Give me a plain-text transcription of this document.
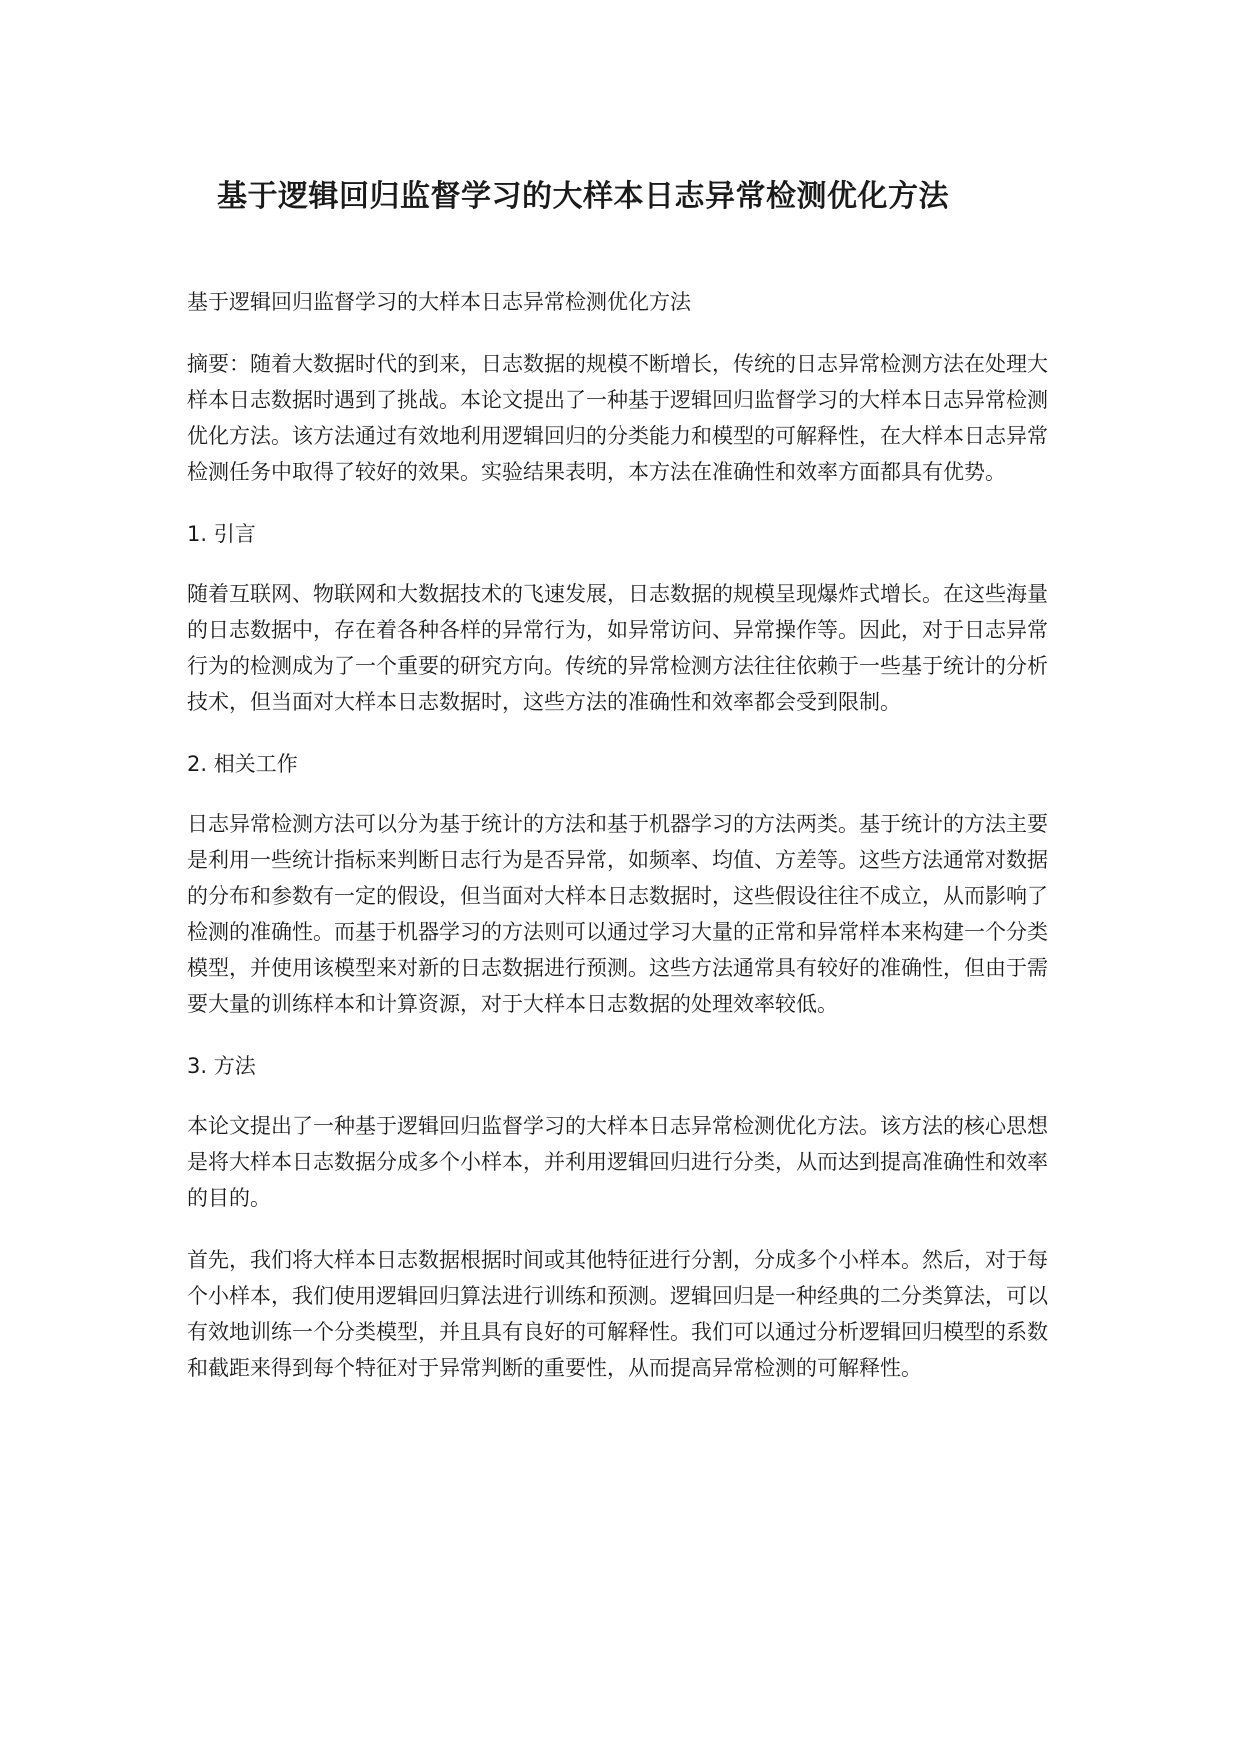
基于逻辑回归监督学习的大样本日志异常检测优化方法

基于逻辑回归监督学习的大样本日志异常检测优化方法

摘要：随着大数据时代的到来，日志数据的规模不断增长，传统的日志异常检测方法在处理大样本日志数据时遇到了挑战。本论文提出了一种基于逻辑回归监督学习的大样本日志异常检测优化方法。该方法通过有效地利用逻辑回归的分类能力和模型的可解释性，在大样本日志异常检测任务中取得了较好的效果。实验结果表明，本方法在准确性和效率方面都具有优势。

1. 引言

随着互联网、物联网和大数据技术的飞速发展，日志数据的规模呈现爆炸式增长。在这些海量的日志数据中，存在着各种各样的异常行为，如异常访问、异常操作等。因此，对于日志异常行为的检测成为了一个重要的研究方向。传统的异常检测方法往往依赖于一些基于统计的分析技术，但当面对大样本日志数据时，这些方法的准确性和效率都会受到限制。

2. 相关工作

日志异常检测方法可以分为基于统计的方法和基于机器学习的方法两类。基于统计的方法主要是利用一些统计指标来判断日志行为是否异常，如频率、均值、方差等。这些方法通常对数据的分布和参数有一定的假设，但当面对大样本日志数据时，这些假设往往不成立，从而影响了检测的准确性。而基于机器学习的方法则可以通过学习大量的正常和异常样本来构建一个分类模型，并使用该模型来对新的日志数据进行预测。这些方法通常具有较好的准确性，但由于需要大量的训练样本和计算资源，对于大样本日志数据的处理效率较低。

3. 方法

本论文提出了一种基于逻辑回归监督学习的大样本日志异常检测优化方法。该方法的核心思想是将大样本日志数据分成多个小样本，并利用逻辑回归进行分类，从而达到提高准确性和效率的目的。

首先，我们将大样本日志数据根据时间或其他特征进行分割，分成多个小样本。然后，对于每个小样本，我们使用逻辑回归算法进行训练和预测。逻辑回归是一种经典的二分类算法，可以有效地训练一个分类模型，并且具有良好的可解释性。我们可以通过分析逻辑回归模型的系数和截距来得到每个特征对于异常判断的重要性，从而提高异常检测的可解释性。
